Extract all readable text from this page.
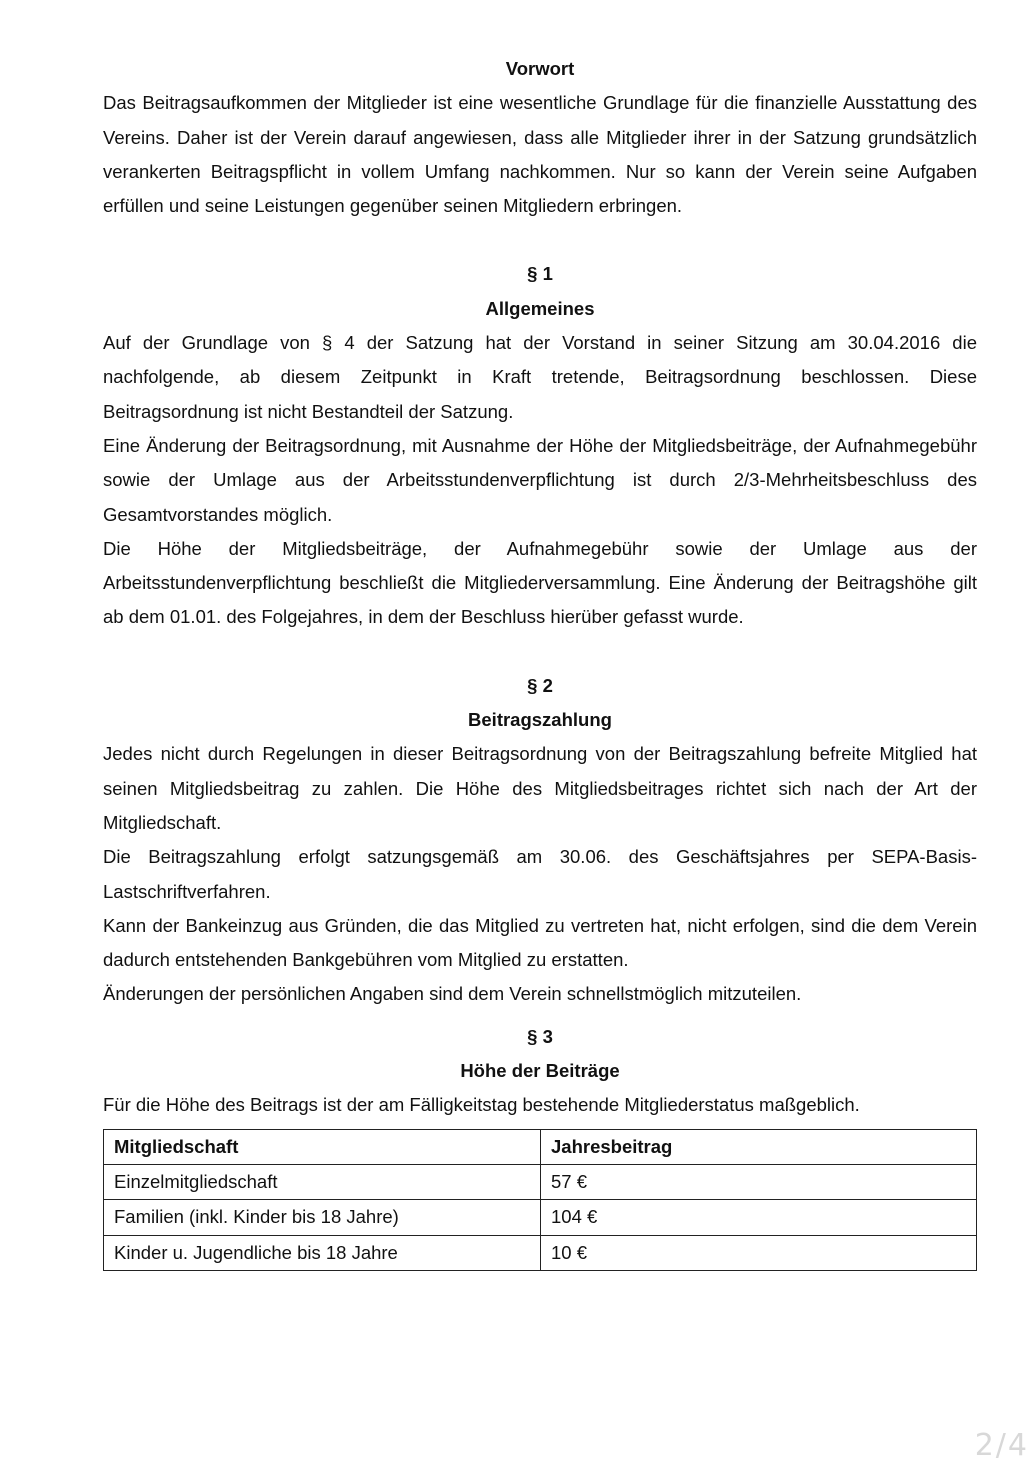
Vorwort

Das Beitragsaufkommen der Mitglieder ist eine wesentliche Grundlage für die finanzielle Ausstattung des Vereins. Daher ist der Verein darauf angewiesen, dass alle Mitglieder ihrer in der Satzung grundsätzlich verankerten Beitragspflicht in vollem Umfang nachkommen. Nur so kann der Verein seine Aufgaben erfüllen und seine Leistungen gegenüber seinen Mitgliedern erbringen.

§ 1
Allgemeines

Auf der Grundlage von § 4 der Satzung hat der Vorstand in seiner Sitzung am 30.04.2016 die nachfolgende, ab diesem Zeitpunkt in Kraft tretende, Beitragsordnung beschlossen. Diese Beitragsordnung ist nicht Bestandteil der Satzung.

Eine Änderung der Beitragsordnung, mit Ausnahme der Höhe der Mitgliedsbeiträge, der Aufnahmegebühr sowie der Umlage aus der Arbeitsstundenverpflichtung ist durch 2/3-Mehrheitsbeschluss des Gesamtvorstandes möglich.

Die Höhe der Mitgliedsbeiträge, der Aufnahmegebühr sowie der Umlage aus der Arbeitsstundenverpflichtung beschließt die Mitgliederversammlung. Eine Änderung der Beitragshöhe gilt ab dem 01.01. des Folgejahres, in dem der Beschluss hierüber gefasst wurde.

§ 2
Beitragszahlung

Jedes nicht durch Regelungen in dieser Beitragsordnung von der Beitragszahlung befreite Mitglied hat seinen Mitgliedsbeitrag zu zahlen. Die Höhe des Mitgliedsbeitrages richtet sich nach der Art der Mitgliedschaft.

Die Beitragszahlung erfolgt satzungsgemäß am 30.06. des Geschäftsjahres per SEPA-Basis-Lastschriftverfahren.

Kann der Bankeinzug aus Gründen, die das Mitglied zu vertreten hat, nicht erfolgen, sind die dem Verein dadurch entstehenden Bankgebühren vom Mitglied zu erstatten.

Änderungen der persönlichen Angaben sind dem Verein schnellstmöglich mitzuteilen.

§ 3
Höhe der Beiträge

Für die Höhe des Beitrags ist der am Fälligkeitstag bestehende Mitgliederstatus maßgeblich.

Mitgliedschaft	Jahresbeitrag
Einzelmitgliedschaft	57 €
Familien (inkl. Kinder bis 18 Jahre)	104 €
Kinder u. Jugendliche bis 18 Jahre	10 €
2/4
